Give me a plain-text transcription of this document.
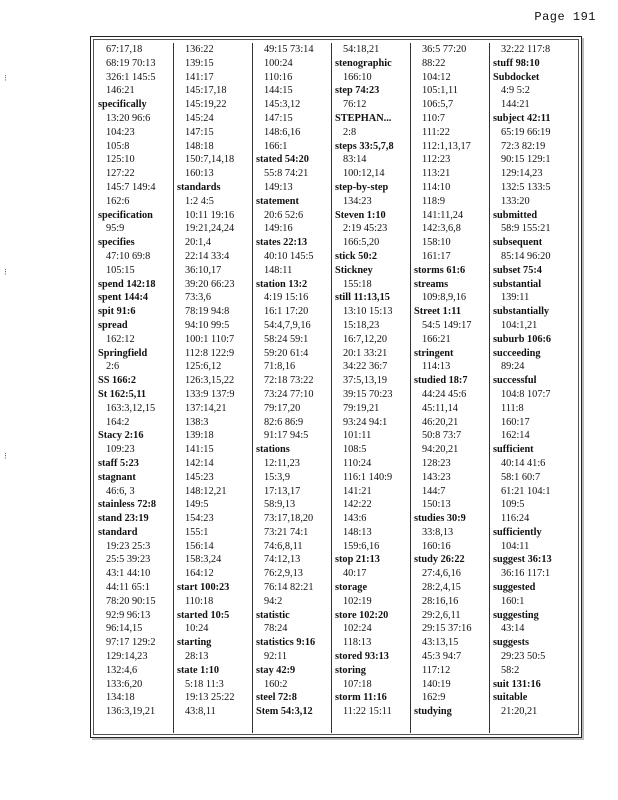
Page 191
⁝
⁝
⁝
67:17,18
68:19 70:13
326:1 145:5
146:21
specifically
13:20 96:6
104:23
105:8
125:10
127:22
145:7 149:4
162:6
specification
95:9
specifies
47:10 69:8
105:15
spend 142:18
spent 144:4
spit 91:6
spread
162:12
Springfield
2:6
SS 166:2
St 162:5,11
163:3,12,15
164:2
Stacy 2:16
109:23
staff 5:23
stagnant
46:6, 3
stainless 72:8
stand 23:19
standard
19:23 25:3
25:5 39:23
43:1 44:10
44:11 65:1
78:20 90:15
92:9 96:13
96:14,15
97:17 129:2
129:14,23
132:4,6
133:6,20
134:18
136:3,19,21
136:22
139:15
141:17
145:17,18
145:19,22
145:24
147:15
148:18
150:7,14,18
160:13
standards
1:2 4:5
10:11 19:16
19:21,24,24
20:1,4
22:14 33:4
36:10,17
39:20 66:23
73:3,6
78:19 94:8
94:10 99:5
100:1 110:7
112:8 122:9
125:6,12
126:3,15,22
133:9 137:9
137:14,21
138:3
139:18
141:15
142:14
145:23
148:12,21
149:5
154:23
155:1
156:14
158:3,24
164:12
start 100:23
110:18
started 10:5
10:24
starting
28:13
state 1:10
5:18 11:3
19:13 25:22
43:8,11
49:15 73:14
100:24
110:16
144:15
145:3,12
147:15
148:6,16
166:1
stated 54:20
55:8 74:21
149:13
statement
20:6 52:6
149:16
states 22:13
40:10 145:5
148:11
station 13:2
4:19 15:16
16:1 17:20
54:4,7,9,16
58:24 59:1
59:20 61:4
71:8,16
72:18 73:22
73:24 77:10
79:17,20
82:6 86:9
91:17 94:5
stations
12:11,23
15:3,9
17:13,17
58:9,13
73:17,18,20
73:21 74:1
74:6,8,11
74:12,13
76:2,9,13
76:14 82:21
94:2
statistic
78:24
statistics 9:16
92:11
stay 42:9
160:2
steel 72:8
Stem 54:3,12
54:18,21
stenographic
166:10
step 74:23
76:12
STEPHAN...
2:8
steps 33:5,7,8
83:14
100:12,14
step-by-step
134:23
Steven 1:10
2:19 45:23
166:5,20
stick 50:2
Stickney
155:18
still 11:13,15
13:10 15:13
15:18,23
16:7,12,20
20:1 33:21
34:22 36:7
37:5,13,19
39:15 70:23
79:19,21
93:24 94:1
101:11
108:5
110:24
116:1 140:9
141:21
142:22
143:6
148:13
159:6,16
stop 21:13
40:17
storage
102:19
store 102:20
102:24
118:13
stored 93:13
storing
107:18
storm 11:16
11:22 15:11
36:5 77:20
88:22
104:12
105:1,11
106:5,7
110:7
111:22
112:1,13,17
112:23
113:21
114:10
118:9
141:11,24
142:3,6,8
158:10
161:17
storms 61:6
streams
109:8,9,16
Street 1:11
54:5 149:17
166:21
stringent
114:13
studied 18:7
44:24 45:6
45:11,14
46:20,21
50:8 73:7
94:20,21
128:23
143:23
144:7
150:13
studies 30:9
33:8,13
160:16
study 26:22
27:4,6,16
28:2,4,15
28:16,16
29:2,6,11
29:15 37:16
43:13,15
45:3 94:7
117:12
140:19
162:9
studying
32:22 117:8
stuff 98:10
Subdocket
4:9 5:2
144:21
subject 42:11
65:19 66:19
72:3 82:19
90:15 129:1
129:14,23
132:5 133:5
133:20
submitted
58:9 155:21
subsequent
85:14 96:20
subset 75:4
substantial
139:11
substantially
104:1,21
suburb 106:6
succeeding
89:24
successful
104:8 107:7
111:8
160:17
162:14
sufficient
40:14 41:6
58:1 60:7
61:21 104:1
109:5
116:24
sufficiently
104:11
suggest 36:13
36:16 117:1
suggested
160:1
suggesting
43:14
suggests
29:23 50:5
58:2
suit 131:16
suitable
21:20,21
